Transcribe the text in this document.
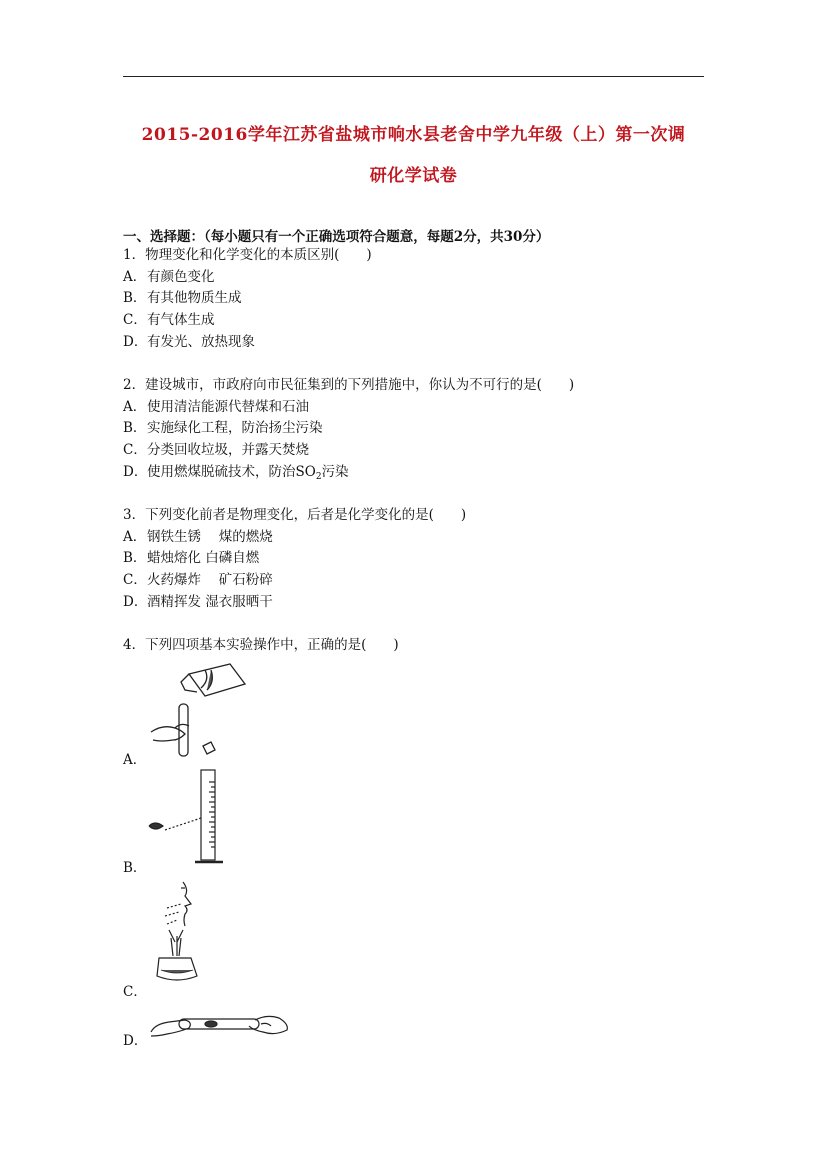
2015-2016学年江苏省盐城市响水县老舍中学九年级（上）第一次调
研化学试卷
一、选择题：（每小题只有一个正确选项符合题意，每题2分，共30分）
1．物理变化和化学变化的本质区别(　　)
A．有颜色变化
B．有其他物质生成
C．有气体生成
D．有发光、放热现象
2．建设城市，市政府向市民征集到的下列措施中，你认为不可行的是(　　)
A．使用清洁能源代替煤和石油
B．实施绿化工程，防治扬尘污染
C．分类回收垃圾，并露天焚烧
D．使用燃煤脱硫技术，防治$SO_2$污染
3．下列变化前者是物理变化，后者是化学变化的是(　　)
A．钢铁生锈　 煤的燃烧
B．蜡烛熔化 白磷自燃
C．火药爆炸　 矿石粉碎
D．酒精挥发 湿衣服晒干
4．下列四项基本实验操作中，正确的是(　　)
A．
B．
C．
D．
